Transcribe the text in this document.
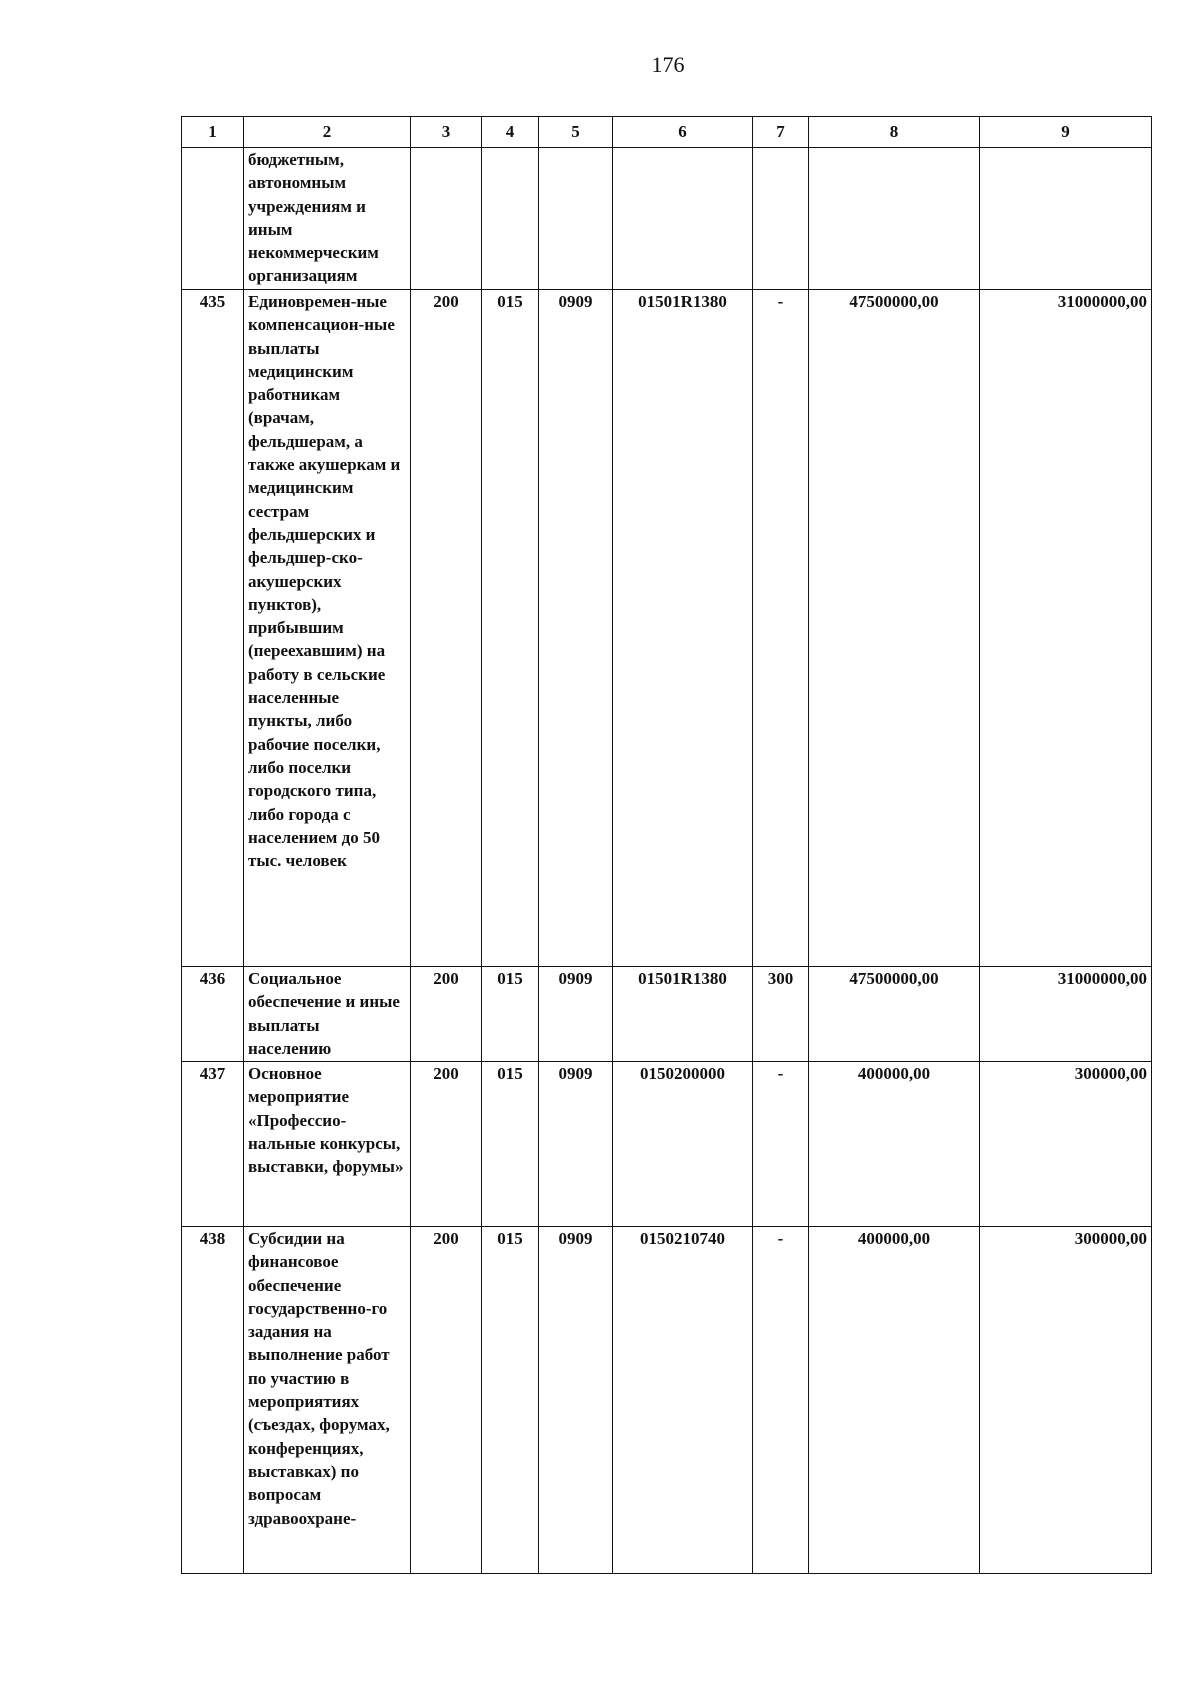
176
1	2	3	4	5	6	7	8	9

	бюджетным, автономным учреждениям и иным некоммерческим организациям							

435	Единовремен-ные компенсацион-ные выплаты медицинским работникам (врачам, фельдшерам, а также акушеркам и медицинским сестрам фельдшерских и фельдшер-ско-акушерских пунктов), прибывшим (переехавшим) на работу в сельские населенные пункты, либо рабочие поселки, либо поселки городского типа, либо города с населением до 50 тыс. человек	200	015	0909	01501R1380	-	47500000,00	31000000,00
436	Социальное обеспечение и иные выплаты населению	200	015	0909	01501R1380	300	47500000,00	31000000,00
437	Основное мероприятие «Профессио-нальные конкурсы, выставки, форумы»	200	015	0909	0150200000	-	400000,00	300000,00
438	Субсидии на финансовое обеспечение государственно-го задания на выполнение работ по участию в мероприятиях (съездах, форумах, конференциях, выставках) по вопросам здравоохране-	200	015	0909	0150210740	-	400000,00	300000,00
